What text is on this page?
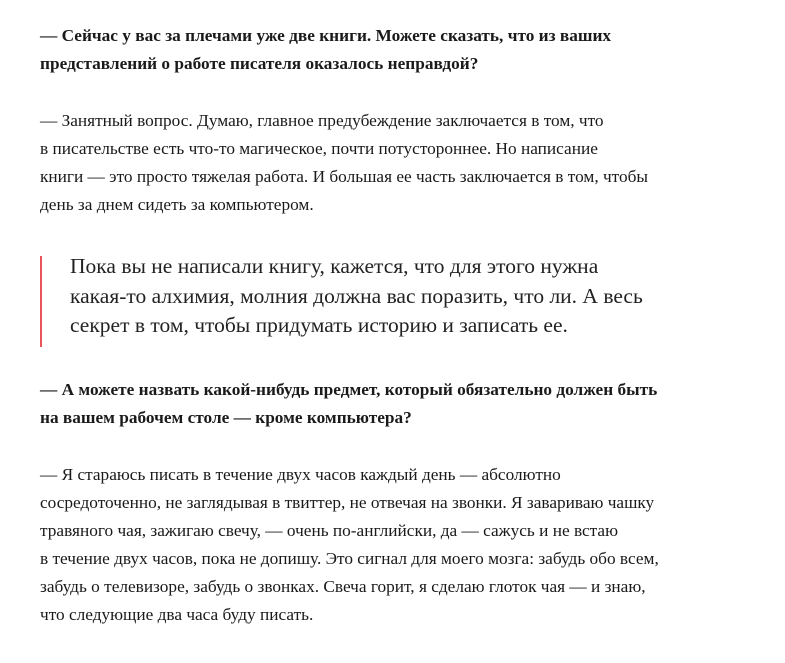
— Сейчас у вас за плечами уже две книги. Можете сказать, что из ваших
представлений о работе писателя оказалось неправдой?

— Занятный вопрос. Думаю, главное предубеждение заключается в том, что
в писательстве есть что-то магическое, почти потустороннее. Но написание
книги — это просто тяжелая работа. И большая ее часть заключается в том, чтобы
день за днем сидеть за компьютером.

Пока вы не написали книгу, кажется, что для этого нужна
какая-то алхимия, молния должна вас поразить, что ли. А весь
секрет в том, чтобы придумать историю и записать ее.

— А можете назвать какой-нибудь предмет, который обязательно должен быть
на вашем рабочем столе — кроме компьютера?

— Я стараюсь писать в течение двух часов каждый день — абсолютно
сосредоточенно, не заглядывая в твиттер, не отвечая на звонки. Я завариваю чашку
травяного чая, зажигаю свечу, — очень по-английски, да — сажусь и не встаю
в течение двух часов, пока не допишу. Это сигнал для моего мозга: забудь обо всем,
забудь о телевизоре, забудь о звонках. Свеча горит, я сделаю глоток чая — и знаю,
что следующие два часа буду писать.
